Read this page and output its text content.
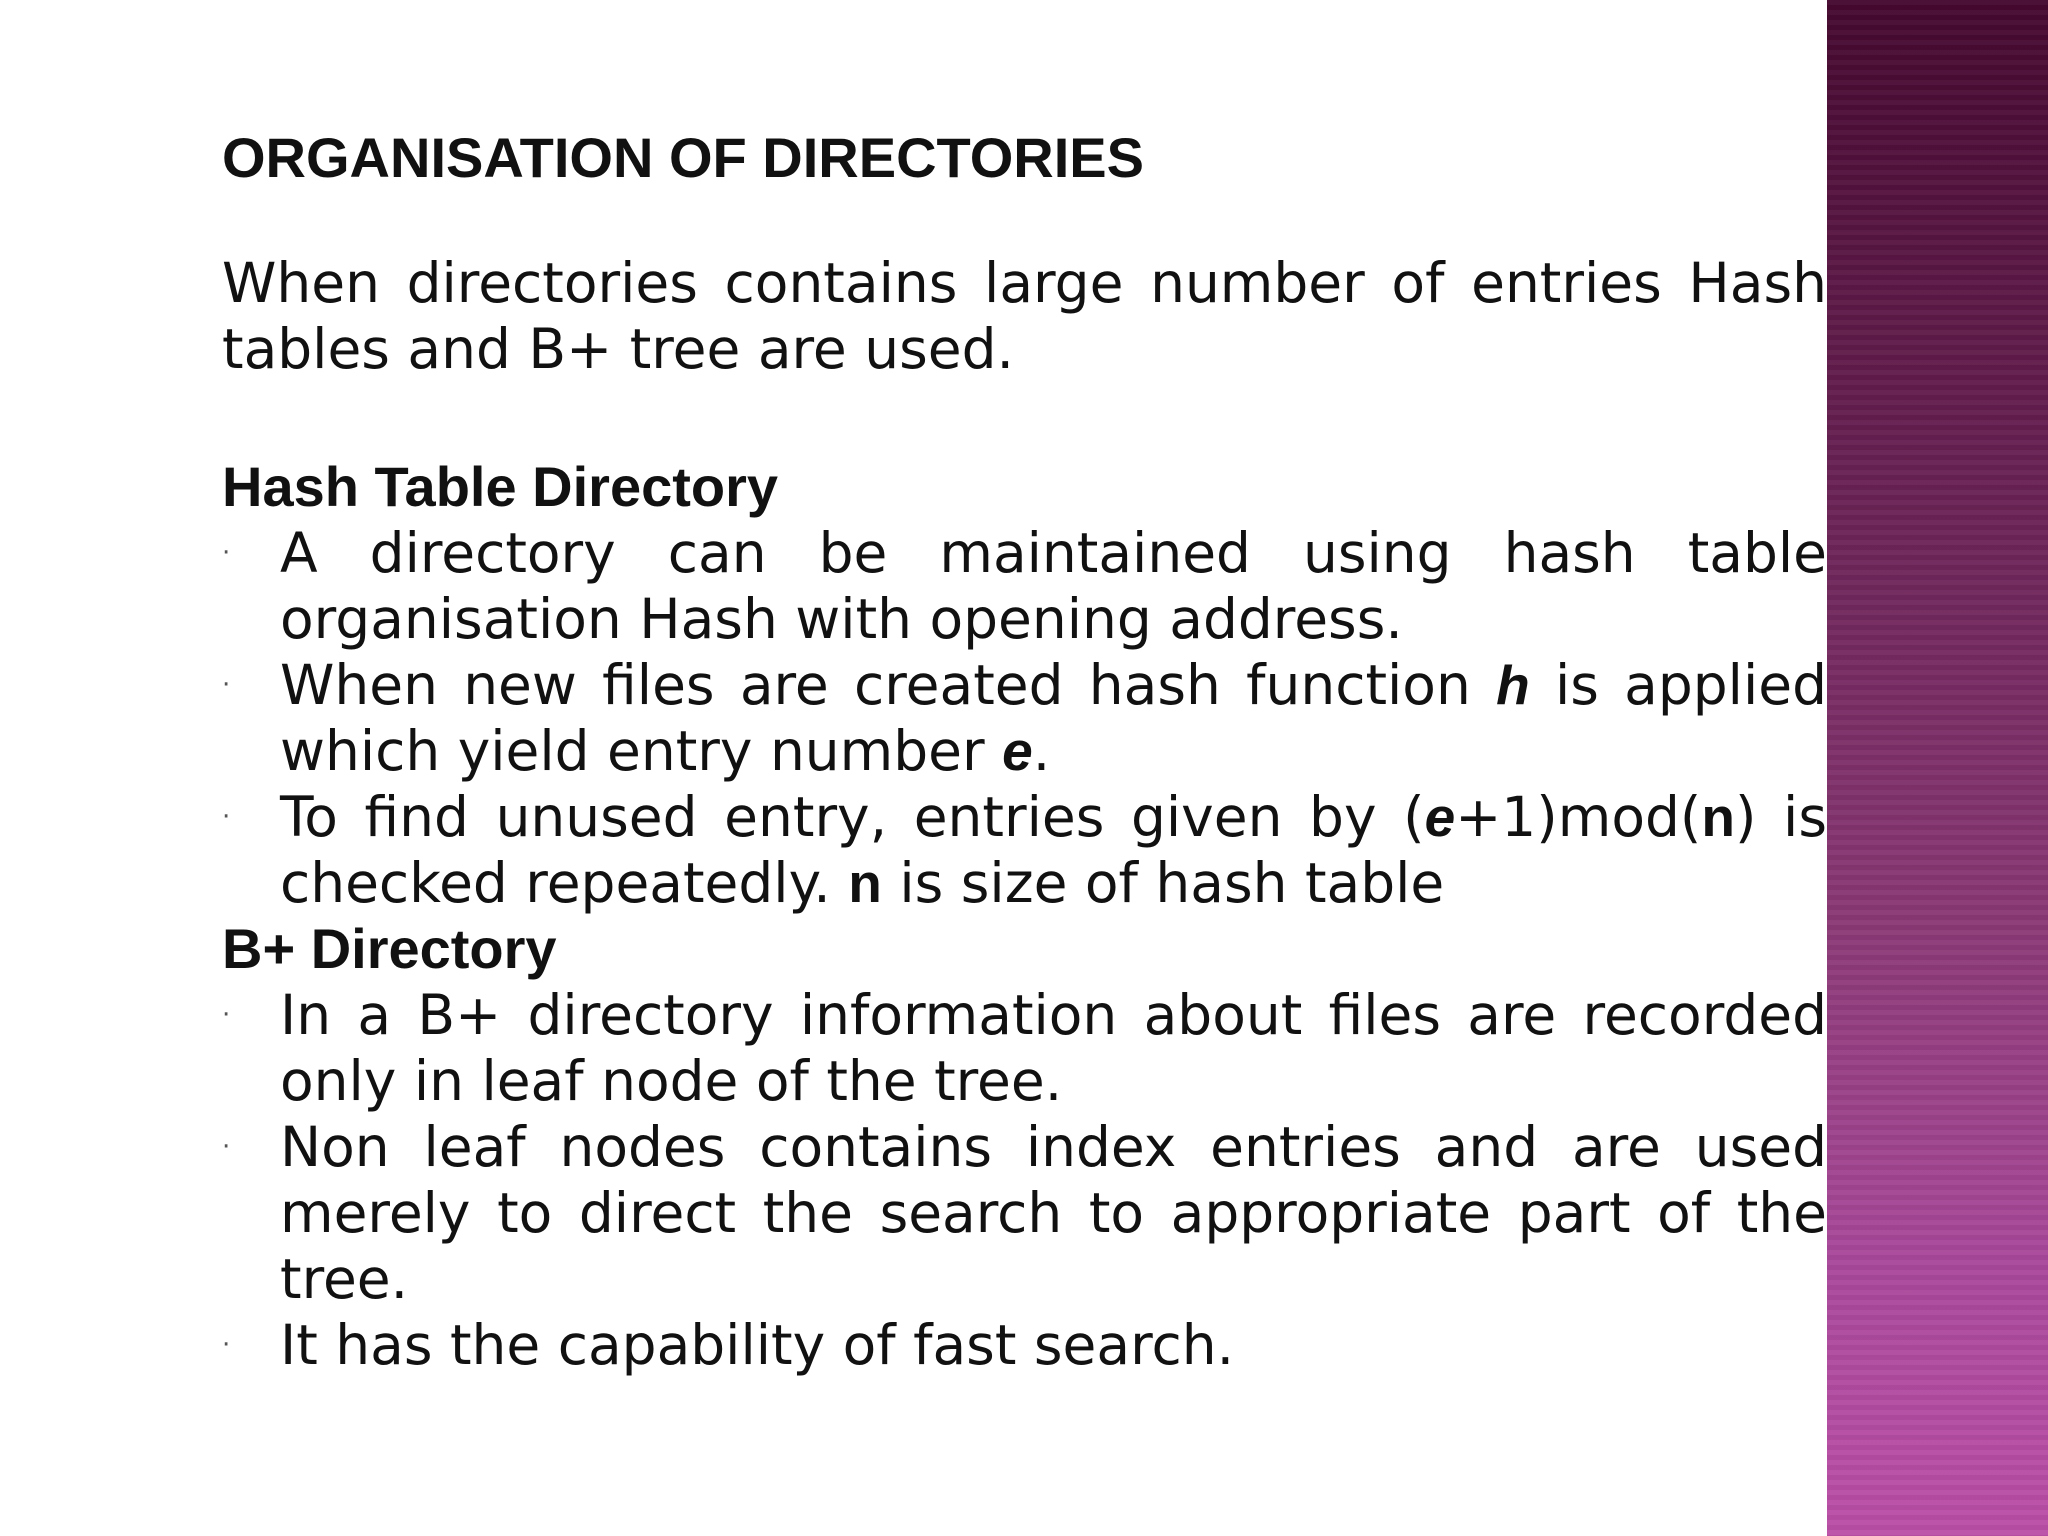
ORGANISATION OF DIRECTORIES
When directories contains large number of entries Hash tables and B+ tree are used.
Hash Table Directory
· A directory can be maintained using hash table organisation Hash with opening address.
· When new files are created hash function h is applied which yield entry number e.
· To find unused entry, entries given by (e+1)mod(n) is checked repeatedly. n is size of hash table
B+ Directory
· In a B+ directory information about files are recorded only in leaf node of the tree.
· Non leaf nodes contains index entries and are used merely to direct the search to appropriate part of the tree.
· It has the capability of fast search.
